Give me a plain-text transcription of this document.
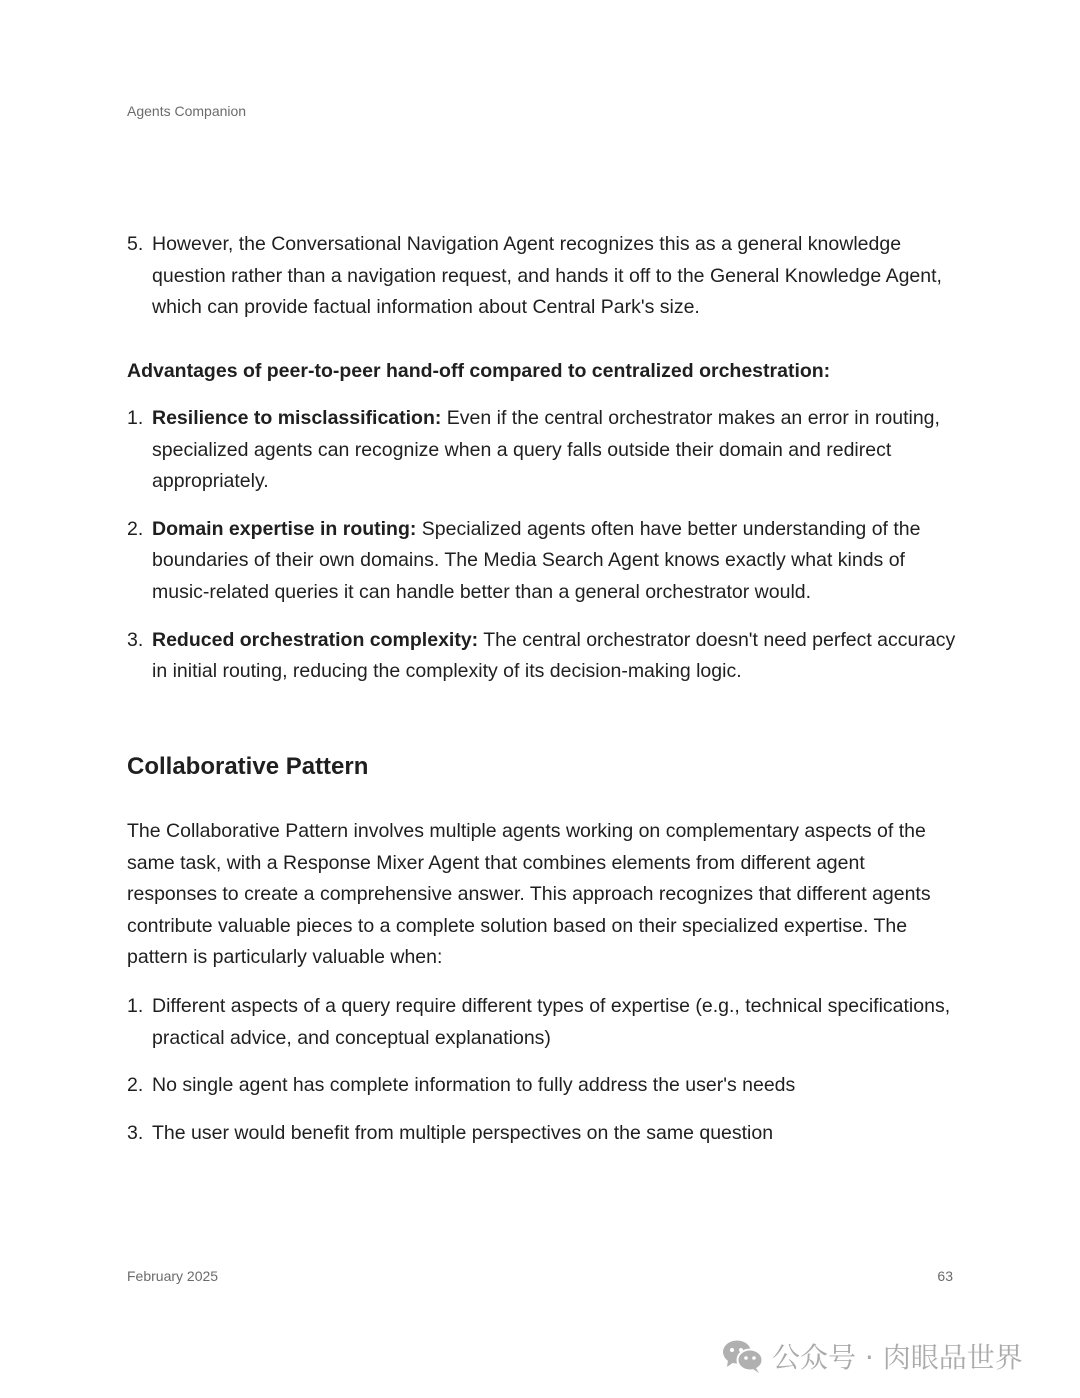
Agents Companion
5. However, the Conversational Navigation Agent recognizes this as a general knowledge question rather than a navigation request, and hands it off to the General Knowledge Agent, which can provide factual information about Central Park's size.
Advantages of peer-to-peer hand-off compared to centralized orchestration:
1. Resilience to misclassification: Even if the central orchestrator makes an error in routing, specialized agents can recognize when a query falls outside their domain and redirect appropriately.
2. Domain expertise in routing: Specialized agents often have better understanding of the boundaries of their own domains. The Media Search Agent knows exactly what kinds of music-related queries it can handle better than a general orchestrator would.
3. Reduced orchestration complexity: The central orchestrator doesn't need perfect accuracy in initial routing, reducing the complexity of its decision-making logic.
Collaborative Pattern
The Collaborative Pattern involves multiple agents working on complementary aspects of the same task, with a Response Mixer Agent that combines elements from different agent responses to create a comprehensive answer. This approach recognizes that different agents contribute valuable pieces to a complete solution based on their specialized expertise. The pattern is particularly valuable when:
1. Different aspects of a query require different types of expertise (e.g., technical specifications, practical advice, and conceptual explanations)
2. No single agent has complete information to fully address the user's needs
3. The user would benefit from multiple perspectives on the same question
February 2025	63
公众号 · 肉眼品世界
